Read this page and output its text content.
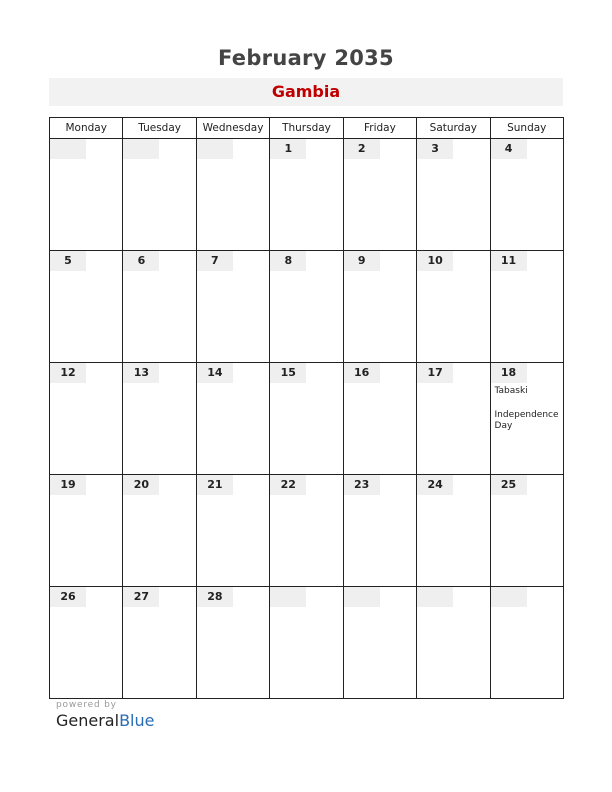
February 2035
Gambia
Monday	Tuesday	Wednesday	Thursday	Friday	Saturday	Sunday

			1	2	3	4

5	6	7	8	9	10	11

12	13	14	15	16	17	18
Tabaski
Independence Day

19	20	21	22	23	24	25

26	27	28				

powered by
GeneralBlue
